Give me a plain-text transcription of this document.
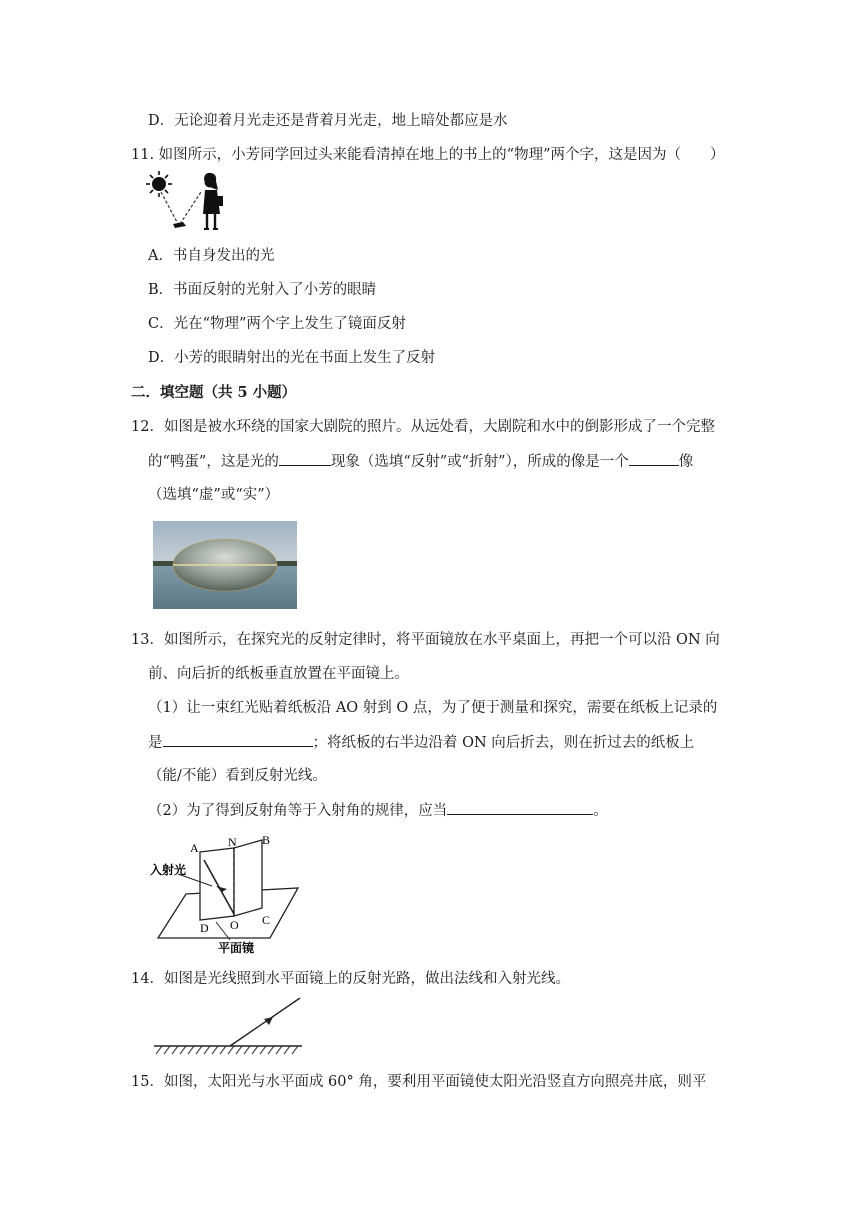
D．无论迎着月光走还是背着月光走，地上暗处都应是水
11. 如图所示，小芳同学回过头来能看清掉在地上的书上的“物理”两个字，这是因为（　　）
A．书自身发出的光
B．书面反射的光射入了小芳的眼睛
C．光在“物理”两个字上发生了镜面反射
D．小芳的眼睛射出的光在书面上发生了反射
二．填空题（共 5 小题）
12．如图是被水环绕的国家大剧院的照片。从远处看，大剧院和水中的倒影形成了一个完整
的“鸭蛋”，这是光的	现象（选填“反射”或“折射”），所成的像是一个	像
（选填“虚”或“实”）
13．如图所示，在探究光的反射定律时，将平面镜放在水平桌面上，再把一个可以沿 ON 向
前、向后折的纸板垂直放置在平面镜上。
（1）让一束红光贴着纸板沿 AO 射到 O 点，为了便于测量和探究，需要在纸板上记录的
是	；将纸板的右半边沿着 ON 向后折去，则在折过去的纸板上
（能/不能）看到反射光线。
（2）为了得到反射角等于入射角的规律，应当	。
A N B
入射光
O C
D
平面镜
14．如图是光线照到水平面镜上的反射光路，做出法线和入射光线。
15．如图，太阳光与水平面成 60° 角，要利用平面镜使太阳光沿竖直方向照亮井底，则平
